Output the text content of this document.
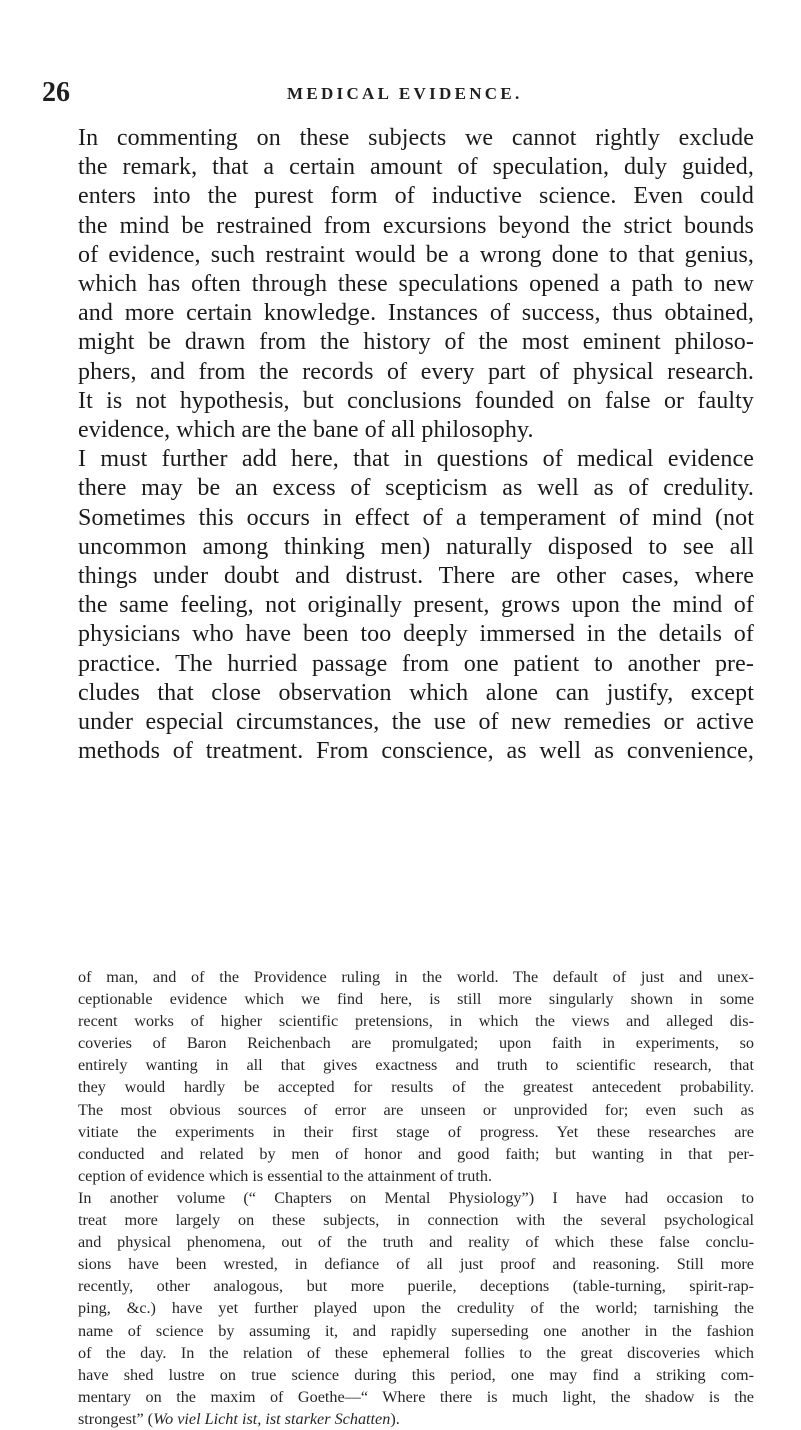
26	MEDICAL EVIDENCE.
In commenting on these subjects we cannot rightly exclude
the remark, that a certain amount of speculation, duly guided,
enters into the purest form of inductive science. Even could
the mind be restrained from excursions beyond the strict bounds
of evidence, such restraint would be a wrong done to that genius,
which has often through these speculations opened a path to new
and more certain knowledge. Instances of success, thus obtained,
might be drawn from the history of the most eminent philoso-
phers, and from the records of every part of physical research.
It is not hypothesis, but conclusions founded on false or faulty
evidence, which are the bane of all philosophy.
I must further add here, that in questions of medical evidence
there may be an excess of scepticism as well as of credulity.
Sometimes this occurs in effect of a temperament of mind (not
uncommon among thinking men) naturally disposed to see all
things under doubt and distrust. There are other cases, where
the same feeling, not originally present, grows upon the mind of
physicians who have been too deeply immersed in the details of
practice. The hurried passage from one patient to another pre-
cludes that close observation which alone can justify, except
under especial circumstances, the use of new remedies or active
methods of treatment. From conscience, as well as convenience,
of man, and of the Providence ruling in the world. The default of just and unex-
ceptionable evidence which we find here, is still more singularly shown in some
recent works of higher scientific pretensions, in which the views and alleged dis-
coveries of Baron Reichenbach are promulgated; upon faith in experiments, so
entirely wanting in all that gives exactness and truth to scientific research, that
they would hardly be accepted for results of the greatest antecedent probability.
The most obvious sources of error are unseen or unprovided for; even such as
vitiate the experiments in their first stage of progress. Yet these researches are
conducted and related by men of honor and good faith; but wanting in that per-
ception of evidence which is essential to the attainment of truth.
In another volume (“ Chapters on Mental Physiology”) I have had occasion to
treat more largely on these subjects, in connection with the several psychological
and physical phenomena, out of the truth and reality of which these false conclu-
sions have been wrested, in defiance of all just proof and reasoning. Still more
recently, other analogous, but more puerile, deceptions (table-turning, spirit-rap-
ping, &c.) have yet further played upon the credulity of the world; tarnishing the
name of science by assuming it, and rapidly superseding one another in the fashion
of the day. In the relation of these ephemeral follies to the great discoveries which
have shed lustre on true science during this period, one may find a striking com-
mentary on the maxim of Goethe—“ Where there is much light, the shadow is the
strongest” (Wo viel Licht ist, ist starker Schatten).
